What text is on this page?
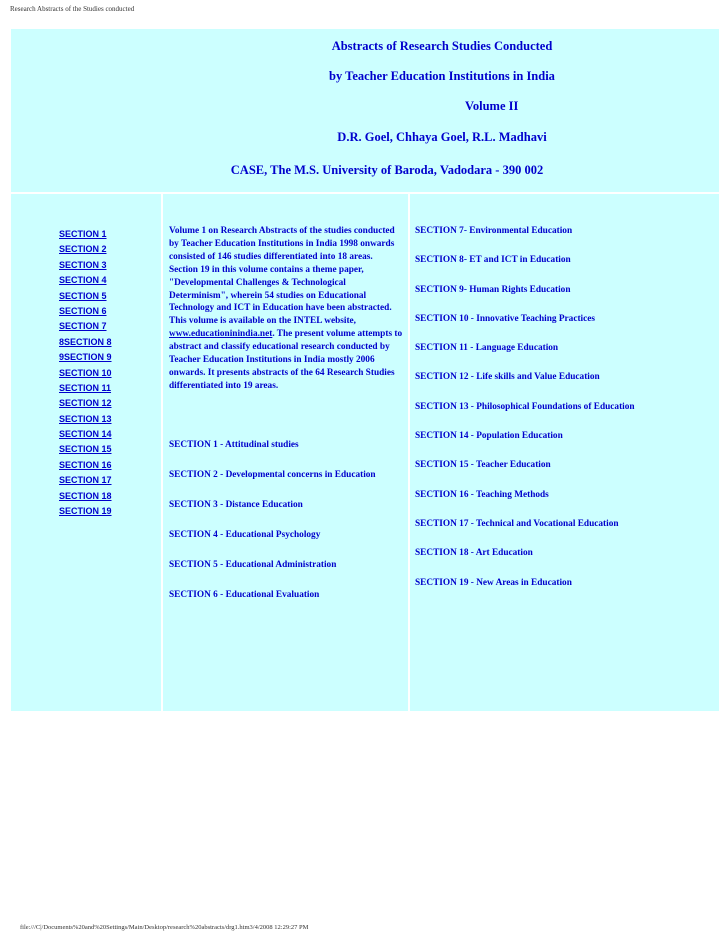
Research Abstracts of the Studies conducted
Abstracts of Research Studies Conducted
by Teacher Education Institutions in India
Volume II
D.R. Goel, Chhaya Goel, R.L. Madhavi
CASE, The M.S. University of Baroda, Vadodara - 390 002
SECTION 1
SECTION 2
SECTION 3
SECTION 4
SECTION 5
SECTION 6
SECTION 7
8SECTION 8
9SECTION 9
SECTION 10
SECTION 11
SECTION 12
SECTION 13
SECTION 14
SECTION 15
SECTION 16
SECTION 17
SECTION 18
SECTION 19
Volume 1 on Research Abstracts of the studies conducted by Teacher Education Institutions in India 1998 onwards consisted of 146 studies differentiated into 18 areas. Section 19 in this volume contains a theme paper, "Developmental Challenges & Technological Determinism", wherein 54 studies on Educational Technology and ICT in Education have been abstracted. This volume is available on the INTEL website, www.educationinindia.net. The present volume attempts to abstract and classify educational research conducted by Teacher Education Institutions in India mostly 2006 onwards. It presents abstracts of the 64 Research Studies differentiated into 19 areas.
SECTION 1 - Attitudinal studies
SECTION 2 - Developmental concerns in Education
SECTION 3 - Distance Education
SECTION 4 - Educational Psychology
SECTION 5 - Educational Administration
SECTION 6 - Educational Evaluation
SECTION 7- Environmental Education
SECTION 8- ET and ICT in Education
SECTION 9- Human Rights Education
SECTION 10 - Innovative Teaching Practices
SECTION 11 - Language Education
SECTION 12 - Life skills and Value Education
SECTION 13 - Philosophical Foundations of Education
SECTION 14 - Population Education
SECTION 15 - Teacher Education
SECTION 16 - Teaching Methods
SECTION 17 - Technical and Vocational Education
SECTION 18 - Art Education
SECTION 19 - New Areas in Education
file:///C|/Documents%20and%20Settings/Main/Desktop/research%20abstracts/drg1.htm3/4/2008 12:29:27 PM
